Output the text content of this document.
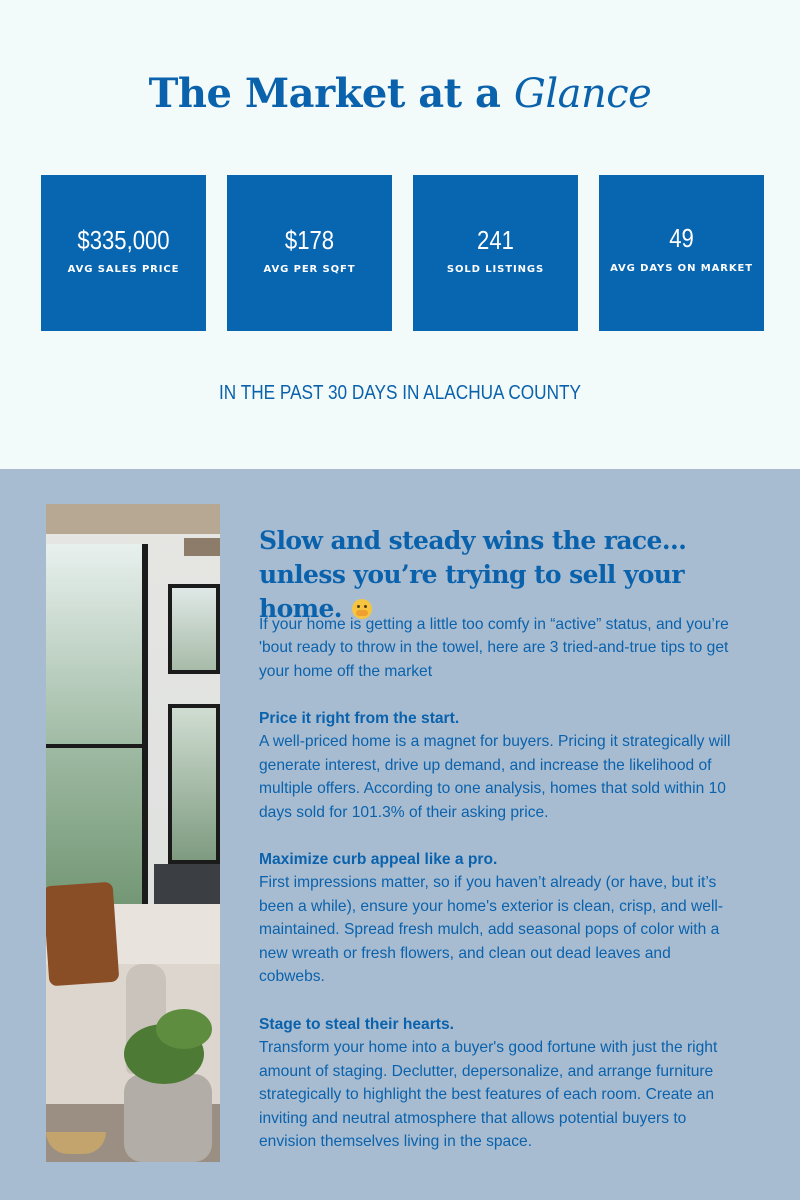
The Market at a Glance
$335,000
AVG SALES PRICE
$178
AVG PER SQFT
241
SOLD LISTINGS
49
AVG DAYS ON MARKET
IN THE PAST 30 DAYS IN ALACHUA COUNTY
Slow and steady wins the race… unless you’re trying to sell your home.
If your home is getting a little too comfy in “active” status, and you’re 'bout ready to throw in the towel, here are 3 tried-and-true tips to get your home off the market
Price it right from the start.
A well-priced home is a magnet for buyers. Pricing it strategically will generate interest, drive up demand, and increase the likelihood of multiple offers. According to one analysis, homes that sold within 10 days sold for 101.3% of their asking price.
Maximize curb appeal like a pro.
First impressions matter, so if you haven’t already (or have, but it’s been a while), ensure your home's exterior is clean, crisp, and well-maintained. Spread fresh mulch, add seasonal pops of color with a new wreath or fresh flowers, and clean out dead leaves and cobwebs.
Stage to steal their hearts.
Transform your home into a buyer's good fortune with just the right amount of staging. Declutter, depersonalize, and arrange furniture strategically to highlight the best features of each room. Create an inviting and neutral atmosphere that allows potential buyers to envision themselves living in the space.
